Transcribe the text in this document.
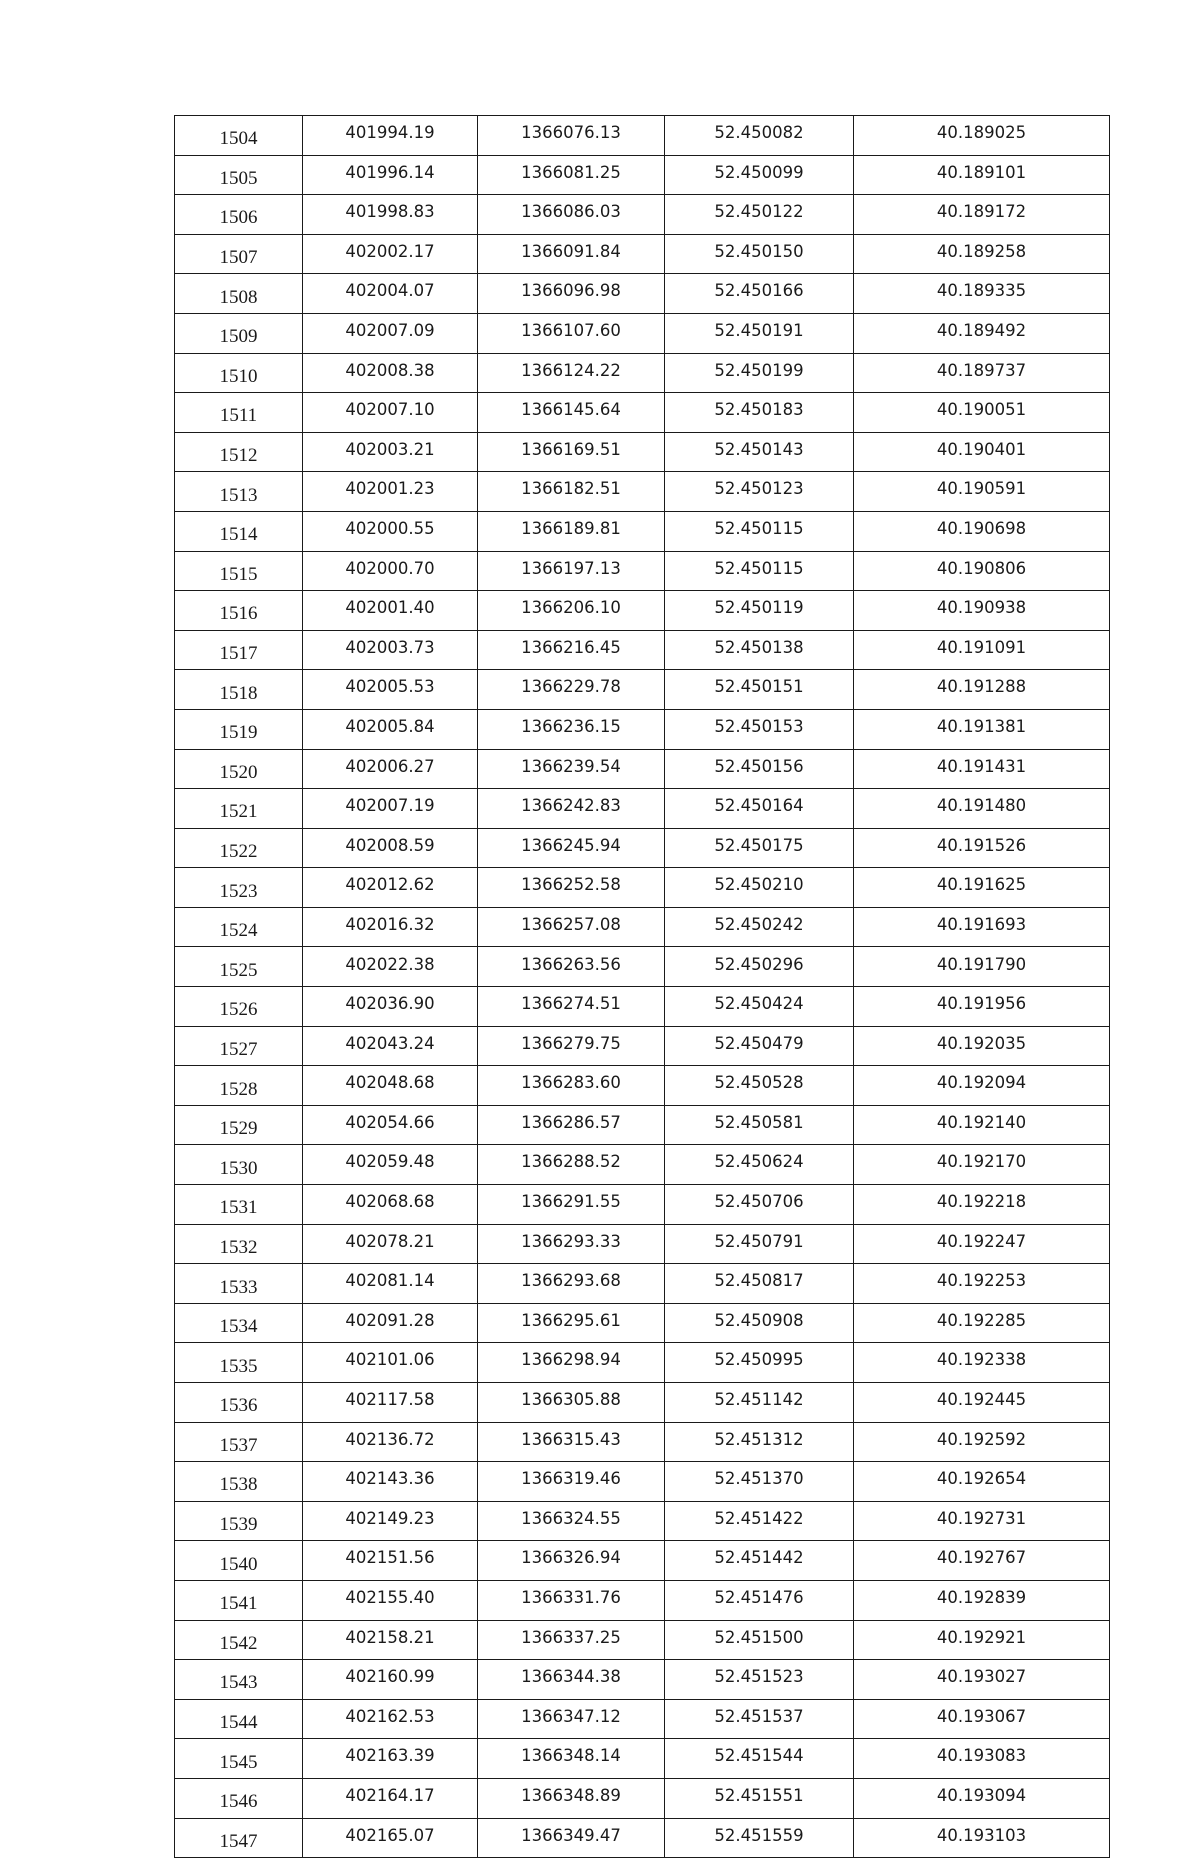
1504	401994.19	1366076.13	52.450082	40.189025
1505	401996.14	1366081.25	52.450099	40.189101
1506	401998.83	1366086.03	52.450122	40.189172
1507	402002.17	1366091.84	52.450150	40.189258
1508	402004.07	1366096.98	52.450166	40.189335
1509	402007.09	1366107.60	52.450191	40.189492
1510	402008.38	1366124.22	52.450199	40.189737
1511	402007.10	1366145.64	52.450183	40.190051
1512	402003.21	1366169.51	52.450143	40.190401
1513	402001.23	1366182.51	52.450123	40.190591
1514	402000.55	1366189.81	52.450115	40.190698
1515	402000.70	1366197.13	52.450115	40.190806
1516	402001.40	1366206.10	52.450119	40.190938
1517	402003.73	1366216.45	52.450138	40.191091
1518	402005.53	1366229.78	52.450151	40.191288
1519	402005.84	1366236.15	52.450153	40.191381
1520	402006.27	1366239.54	52.450156	40.191431
1521	402007.19	1366242.83	52.450164	40.191480
1522	402008.59	1366245.94	52.450175	40.191526
1523	402012.62	1366252.58	52.450210	40.191625
1524	402016.32	1366257.08	52.450242	40.191693
1525	402022.38	1366263.56	52.450296	40.191790
1526	402036.90	1366274.51	52.450424	40.191956
1527	402043.24	1366279.75	52.450479	40.192035
1528	402048.68	1366283.60	52.450528	40.192094
1529	402054.66	1366286.57	52.450581	40.192140
1530	402059.48	1366288.52	52.450624	40.192170
1531	402068.68	1366291.55	52.450706	40.192218
1532	402078.21	1366293.33	52.450791	40.192247
1533	402081.14	1366293.68	52.450817	40.192253
1534	402091.28	1366295.61	52.450908	40.192285
1535	402101.06	1366298.94	52.450995	40.192338
1536	402117.58	1366305.88	52.451142	40.192445
1537	402136.72	1366315.43	52.451312	40.192592
1538	402143.36	1366319.46	52.451370	40.192654
1539	402149.23	1366324.55	52.451422	40.192731
1540	402151.56	1366326.94	52.451442	40.192767
1541	402155.40	1366331.76	52.451476	40.192839
1542	402158.21	1366337.25	52.451500	40.192921
1543	402160.99	1366344.38	52.451523	40.193027
1544	402162.53	1366347.12	52.451537	40.193067
1545	402163.39	1366348.14	52.451544	40.193083
1546	402164.17	1366348.89	52.451551	40.193094
1547	402165.07	1366349.47	52.451559	40.193103
